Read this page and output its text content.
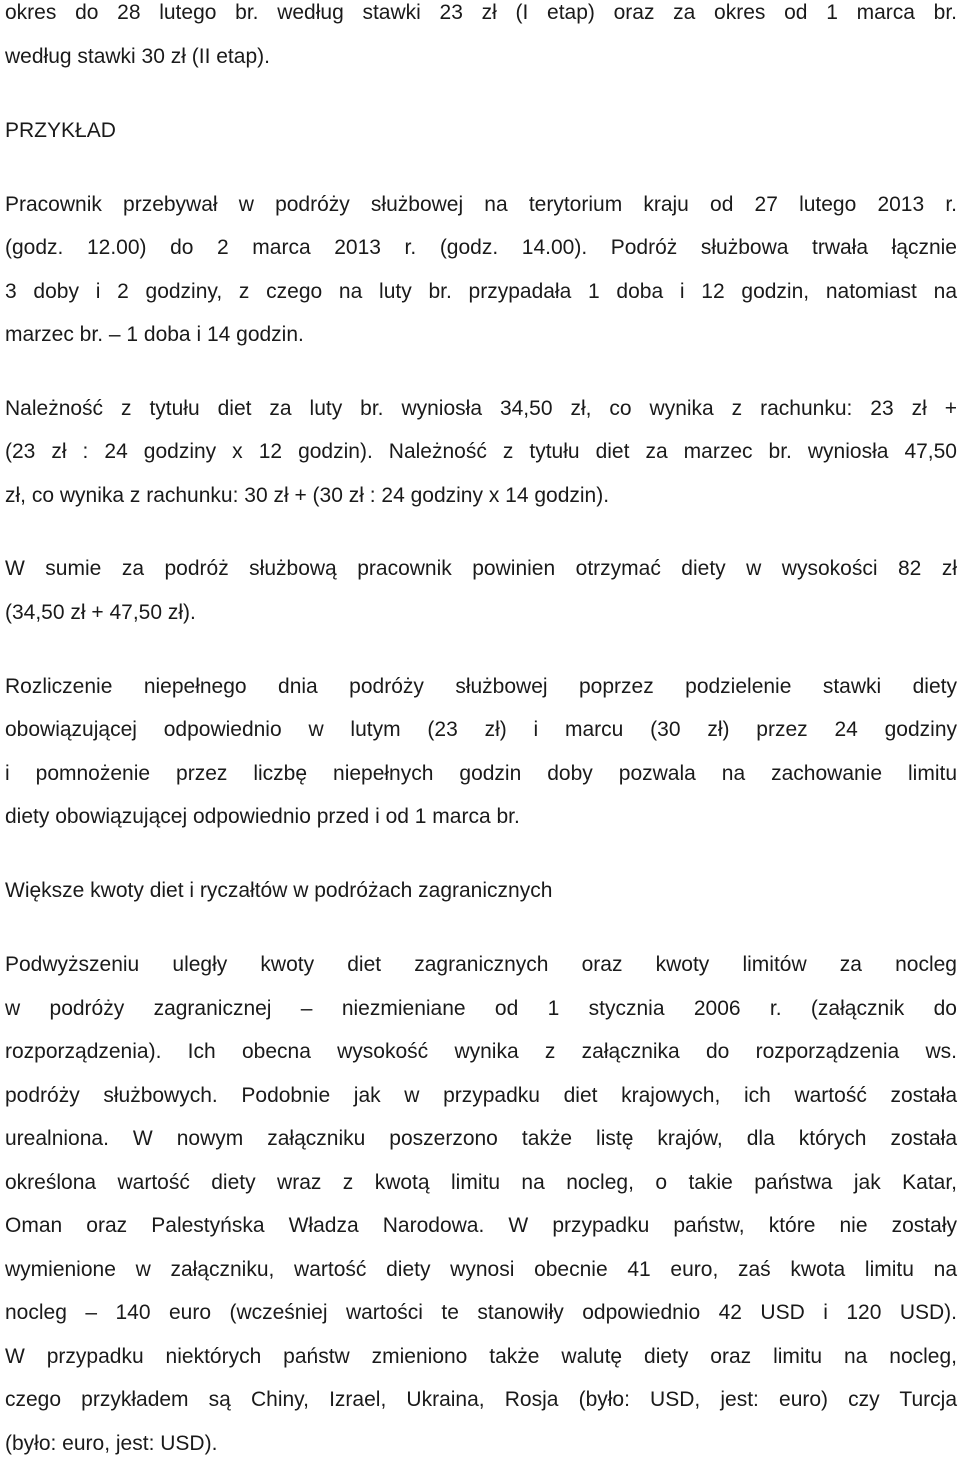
okres do 28 lutego br. według stawki 23 zł (I etap) oraz za okres od 1 marca br.
według stawki 30 zł (II etap).

PRZYKŁAD

Pracownik przebywał w podróży służbowej na terytorium kraju od 27 lutego 2013 r.
(godz. 12.00) do 2 marca 2013 r. (godz. 14.00). Podróż służbowa trwała łącznie
3 doby i 2 godziny, z czego na luty br. przypadała 1 doba i 12 godzin, natomiast na
marzec br. – 1 doba i 14 godzin.

Należność z tytułu diet za luty br. wyniosła 34,50 zł, co wynika z rachunku: 23 zł +
(23 zł : 24 godziny x 12 godzin). Należność z tytułu diet za marzec br. wyniosła 47,50
zł, co wynika z rachunku: 30 zł + (30 zł : 24 godziny x 14 godzin).

W sumie za podróż służbową pracownik powinien otrzymać diety w wysokości 82 zł
(34,50 zł + 47,50 zł).

Rozliczenie niepełnego dnia podróży służbowej poprzez podzielenie stawki diety
obowiązującej odpowiednio w lutym (23 zł) i marcu (30 zł) przez 24 godziny
i pomnożenie przez liczbę niepełnych godzin doby pozwala na zachowanie limitu
diety obowiązującej odpowiednio przed i od 1 marca br.

Większe kwoty diet i ryczałtów w podróżach zagranicznych

Podwyższeniu uległy kwoty diet zagranicznych oraz kwoty limitów za nocleg
w podróży zagranicznej – niezmieniane od 1 stycznia 2006 r. (załącznik do
rozporządzenia). Ich obecna wysokość wynika z załącznika do rozporządzenia ws.
podróży służbowych. Podobnie jak w przypadku diet krajowych, ich wartość została
urealniona. W nowym załączniku poszerzono także listę krajów, dla których została
określona wartość diety wraz z kwotą limitu na nocleg, o takie państwa jak Katar,
Oman oraz Palestyńska Władza Narodowa. W przypadku państw, które nie zostały
wymienione w załączniku, wartość diety wynosi obecnie 41 euro, zaś kwota limitu na
nocleg – 140 euro (wcześniej wartości te stanowiły odpowiednio 42 USD i 120 USD).
W przypadku niektórych państw zmieniono także walutę diety oraz limitu na nocleg,
czego przykładem są Chiny, Izrael, Ukraina, Rosja (było: USD, jest: euro) czy Turcja
(było: euro, jest: USD).
